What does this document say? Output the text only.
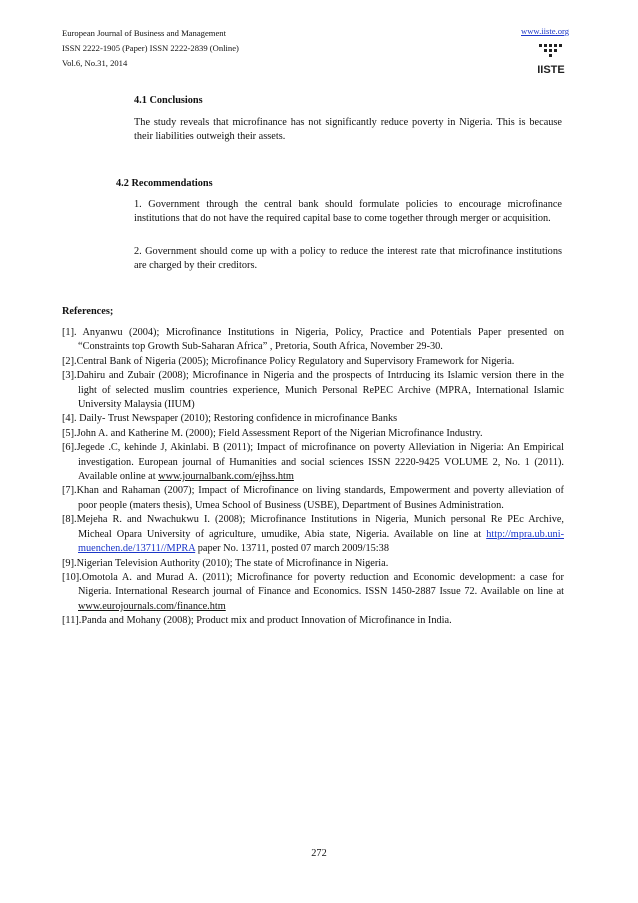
European Journal of Business and Management
ISSN 2222-1905 (Paper) ISSN 2222-2839 (Online)
Vol.6, No.31, 2014
www.iiste.org
IISTE
4.1 Conclusions
The study reveals that microfinance has not significantly reduce poverty in Nigeria. This is because their liabilities outweigh their assets.
4.2 Recommendations
1. Government through the central bank should formulate policies to encourage microfinance institutions that do not have the required capital base to come together through merger or acquisition.
2. Government should come up with a policy to reduce the interest rate that microfinance institutions are charged by their creditors.
References;

[1]. Anyanwu (2004); Microfinance Institutions in Nigeria, Policy, Practice and Potentials Paper presented on “Constraints top Growth Sub-Saharan Africa” , Pretoria, South Africa, November 29-30.

[2].Central Bank of Nigeria (2005); Microfinance Policy Regulatory and Supervisory Framework for Nigeria.

[3].Dahiru and Zubair (2008); Microfinance in Nigeria and the prospects of Intrducing its Islamic version there in the light of selected muslim countries experience, Munich Personal RePEC Archive (MPRA, International Islamic University Malaysia (IIUM)

[4]. Daily- Trust Newspaper (2010); Restoring confidence in microfinance Banks

[5].John A. and Katherine M. (2000); Field Assessment Report of the Nigerian Microfinance Industry.

[6].Jegede .C, kehinde J, Akinlabi. B (2011); Impact of microfinance on poverty Alleviation in Nigeria: An Empirical investigation. European journal of Humanities and social sciences ISSN 2220-9425 VOLUME 2, No. 1 (2011). Available online at www.journalbank.com/ejhss.htm

[7].Khan and Rahaman (2007); Impact of Microfinance on living standards, Empowerment and poverty alleviation of poor people (maters thesis), Umea School of Business (USBE), Department of Busines Administration.

[8].Mejeha R. and Nwachukwu I. (2008); Microfinance Institutions in Nigeria, Munich personal Re PEc Archive, Micheal Opara University of agriculture, umudike, Abia state, Nigeria. Available on line at http://mpra.ub.uni-muenchen.de/13711//MPRA paper No. 13711, posted 07 march 2009/15:38

[9].Nigerian Television Authority (2010); The state of Microfinance in Nigeria.

[10].Omotola A. and Murad A. (2011); Microfinance for poverty reduction and Economic development: a case for Nigeria. International Research journal of Finance and Economics. ISSN 1450-2887 Issue 72. Available on line at www.eurojournals.com/finance.htm

[11].Panda and Mohany (2008); Product mix and product Innovation of Microfinance in India.

272
